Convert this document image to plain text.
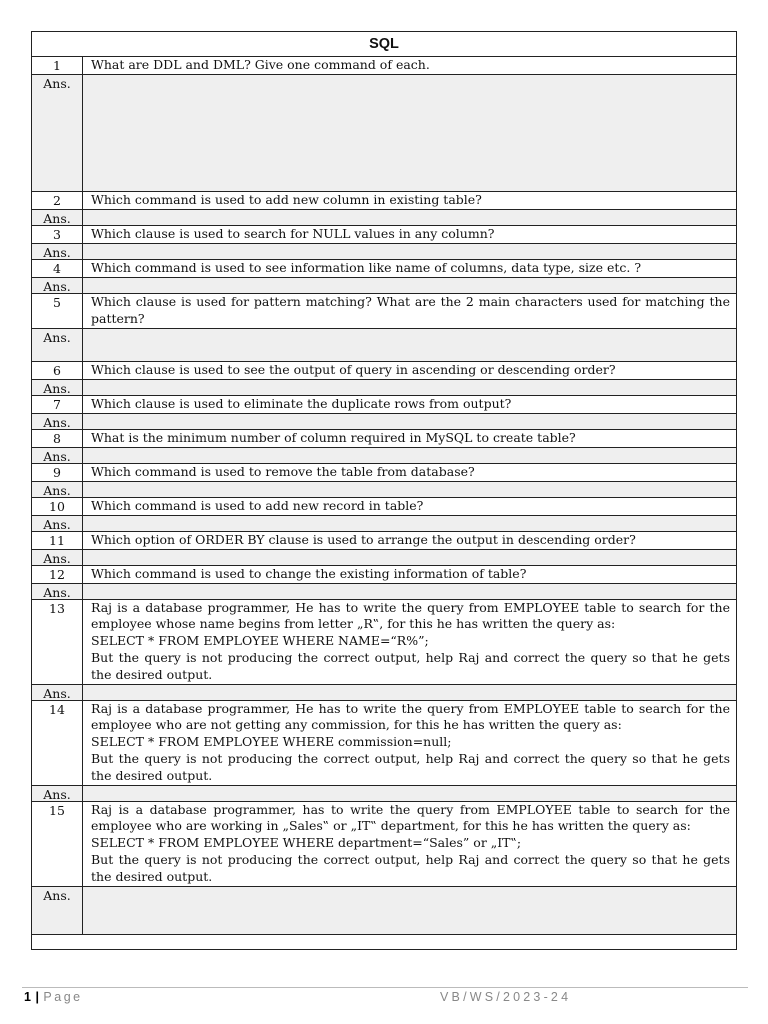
SQL
1	What are DDL and DML? Give one command of each.
Ans.
2	Which command is used to add new column in existing table?
Ans.
3	Which clause is used to search for NULL values in any column?
Ans.
4	Which command is used to see information like name of columns, data type, size etc. ?
Ans.
5	Which clause is used for pattern matching? What are the 2 main characters used for matching the pattern?
Ans.
6	Which clause is used to see the output of query in ascending or descending order?
Ans.
7	Which clause is used to eliminate the duplicate rows from output?
Ans.
8	What is the minimum number of column required in MySQL to create table?
Ans.
9	Which command is used to remove the table from database?
Ans.
10	Which command is used to add new record in table?
Ans.
11	Which option of ORDER BY clause is used to arrange the output in descending order?
Ans.
12	Which command is used to change the existing information of table?
Ans.
13	Raj is a database programmer, He has to write the query from EMPLOYEE table to search for the employee whose name begins from letter „R‟, for this he has written the query as:
SELECT * FROM EMPLOYEE WHERE NAME=“R%”;
But the query is not producing the correct output, help Raj and correct the query so that he gets the desired output.
Ans.
14	Raj is a database programmer, He has to write the query from EMPLOYEE table to search for the employee who are not getting any commission, for this he has written the query as:
SELECT * FROM EMPLOYEE WHERE commission=null;
But the query is not producing the correct output, help Raj and correct the query so that he gets the desired output.
Ans.
15	Raj is a database programmer, has to write the query from EMPLOYEE table to search for the employee who are working in „Sales‟ or „IT‟ department, for this he has written the query as:
SELECT * FROM EMPLOYEE WHERE department=“Sales” or „IT‟;
But the query is not producing the correct output, help Raj and correct the query so that he gets the desired output.
Ans.
1 | Page	VB/WS/2023-24
